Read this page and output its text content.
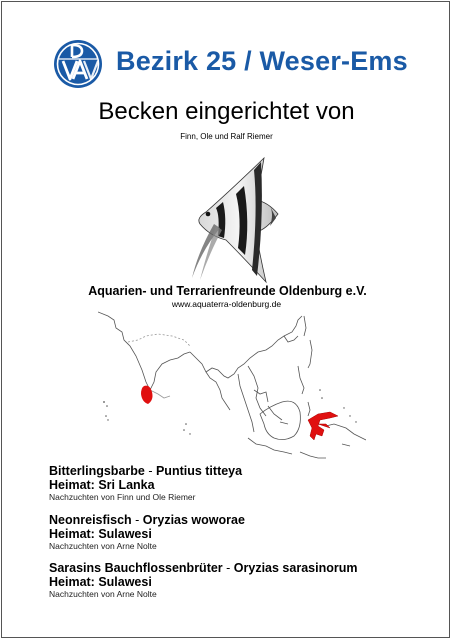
Bezirk 25 / Weser-Ems
Becken eingerichtet von
Finn, Ole und Ralf Riemer
Aquarien- und Terrarienfreunde Oldenburg e.V.
www.aquaterra-oldenburg.de
Bitterlingsbarbe - Puntius titteya
Heimat: Sri Lanka
Nachzuchten von Finn und Ole Riemer
Neonreisfisch - Oryzias woworae
Heimat: Sulawesi
Nachzuchten von Arne Nolte
Sarasins Bauchflossenbrüter - Oryzias sarasinorum
Heimat: Sulawesi
Nachzuchten von Arne Nolte
